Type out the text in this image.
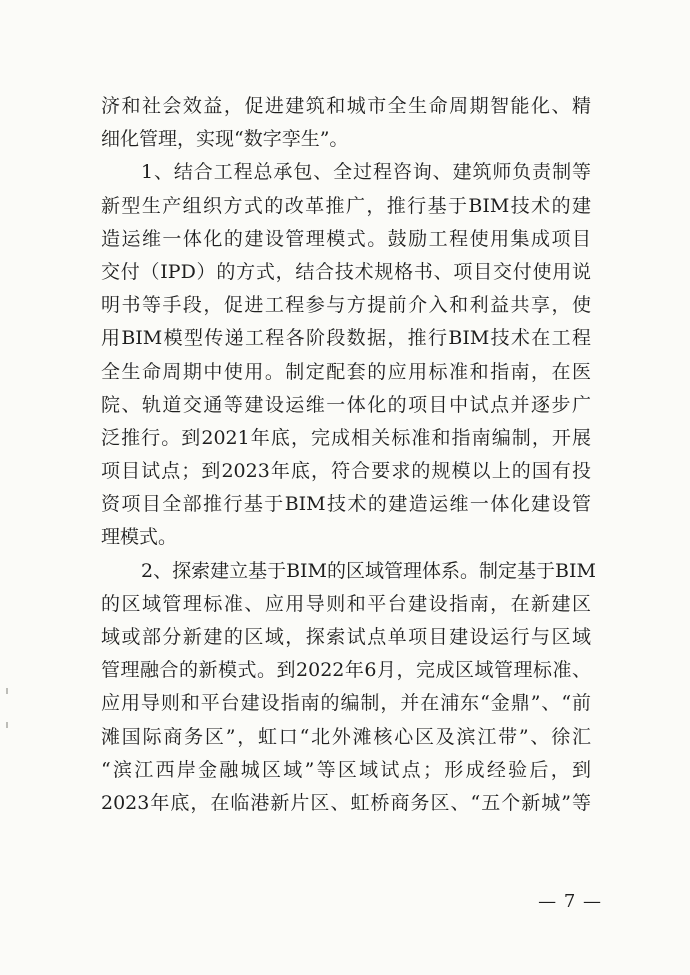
济和社会效益，促进建筑和城市全生命周期智能化、精
细化管理，实现“数字孪生”。
1、结合工程总承包、全过程咨询、建筑师负责制等
新型生产组织方式的改革推广，推行基于BIM技术的建
造运维一体化的建设管理模式。鼓励工程使用集成项目
交付（IPD）的方式，结合技术规格书、项目交付使用说
明书等手段，促进工程参与方提前介入和利益共享，使
用BIM模型传递工程各阶段数据，推行BIM技术在工程
全生命周期中使用。制定配套的应用标准和指南，在医
院、轨道交通等建设运维一体化的项目中试点并逐步广
泛推行。到2021年底，完成相关标准和指南编制，开展
项目试点；到2023年底，符合要求的规模以上的国有投
资项目全部推行基于BIM技术的建造运维一体化建设管
理模式。
2、探索建立基于BIM的区域管理体系。制定基于BIM
的区域管理标准、应用导则和平台建设指南，在新建区
域或部分新建的区域，探索试点单项目建设运行与区域
管理融合的新模式。到2022年6月，完成区域管理标准、
应用导则和平台建设指南的编制，并在浦东“金鼎”、“前
滩国际商务区”，虹口“北外滩核心区及滨江带”、徐汇
“滨江西岸金融城区域”等区域试点；形成经验后，到
2023年底，在临港新片区、虹桥商务区、“五个新城”等
— 7 —
